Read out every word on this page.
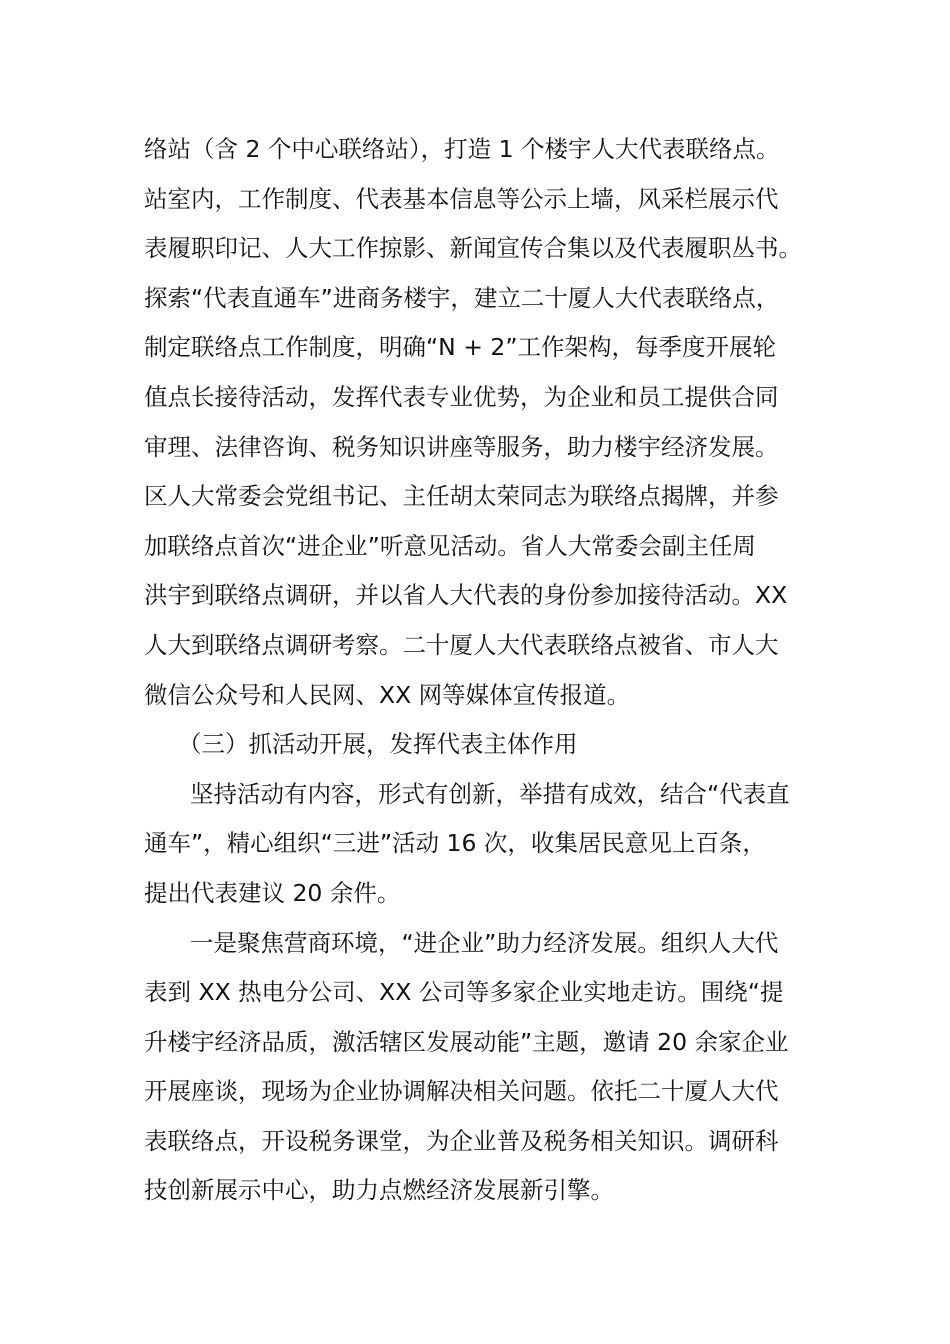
络站（含 2 个中心联络站），打造 1 个楼宇人大代表联络点。
站室内，工作制度、代表基本信息等公示上墙，风采栏展示代
表履职印记、人大工作掠影、新闻宣传合集以及代表履职丛书。
探索“代表直通车”进商务楼宇，建立二十厦人大代表联络点，
制定联络点工作制度，明确“N + 2”工作架构，每季度开展轮
值点长接待活动，发挥代表专业优势，为企业和员工提供合同
审理、法律咨询、税务知识讲座等服务，助力楼宇经济发展。
区人大常委会党组书记、主任胡太荣同志为联络点揭牌，并参
加联络点首次“进企业”听意见活动。省人大常委会副主任周
洪宇到联络点调研，并以省人大代表的身份参加接待活动。XX
人大到联络点调研考察。二十厦人大代表联络点被省、市人大
微信公众号和人民网、XX 网等媒体宣传报道。
（三）抓活动开展，发挥代表主体作用
坚持活动有内容，形式有创新，举措有成效，结合“代表直
通车”，精心组织“三进”活动 16 次，收集居民意见上百条，
提出代表建议 20 余件。
一是聚焦营商环境，“进企业”助力经济发展。组织人大代
表到 XX 热电分公司、XX 公司等多家企业实地走访。围绕“提
升楼宇经济品质，激活辖区发展动能”主题，邀请 20 余家企业
开展座谈，现场为企业协调解决相关问题。依托二十厦人大代
表联络点，开设税务课堂，为企业普及税务相关知识。调研科
技创新展示中心，助力点燃经济发展新引擎。
